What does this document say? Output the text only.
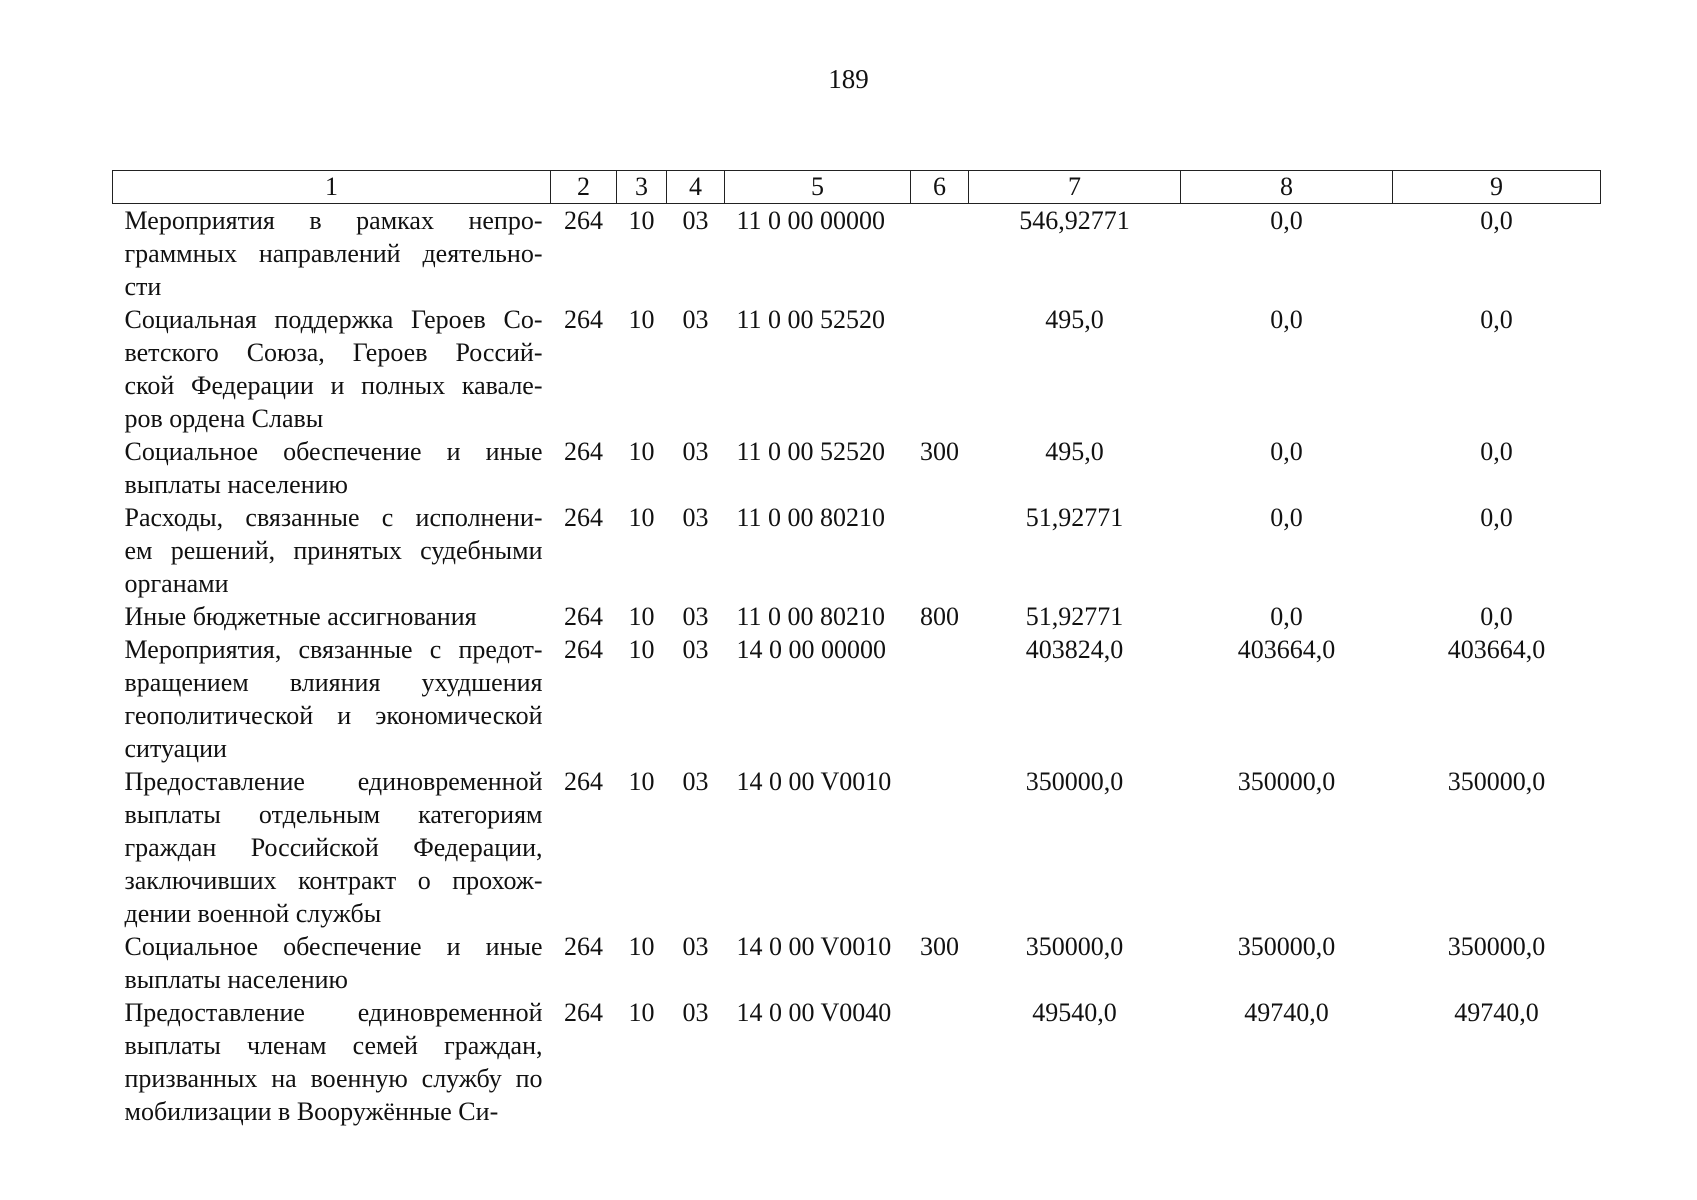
189
1	2	3	4	5	6	7	8	9

Мероприятия в рамках непро-
граммных направлений деятельно-
сти	264	10	03	11 0 00 00000		546,92771	0,0	0,0

Социальная поддержка Героев Со-
ветского Союза, Героев Россий-
ской Федерации и полных кавале-
ров ордена Славы	264	10	03	11 0 00 52520		495,0	0,0	0,0

Социальное обеспечение и иные
выплаты населению	264	10	03	11 0 00 52520	300	495,0	0,0	0,0

Расходы, связанные с исполнени-
ем решений, принятых судебными
органами	264	10	03	11 0 00 80210		51,92771	0,0	0,0

Иные бюджетные ассигнования	264	10	03	11 0 00 80210	800	51,92771	0,0	0,0

Мероприятия, связанные с предот-
вращением влияния ухудшения
геополитической и экономической
ситуации	264	10	03	14 0 00 00000		403824,0	403664,0	403664,0

Предоставление единовременной
выплаты отдельным категориям
граждан Российской Федерации,
заключивших контракт о прохож-
дении военной службы	264	10	03	14 0 00 V0010		350000,0	350000,0	350000,0

Социальное обеспечение и иные
выплаты населению	264	10	03	14 0 00 V0010	300	350000,0	350000,0	350000,0

Предоставление единовременной
выплаты членам семей граждан,
призванных на военную службу по
мобилизации в Вооружённые Си-	264	10	03	14 0 00 V0040		49540,0	49740,0	49740,0
